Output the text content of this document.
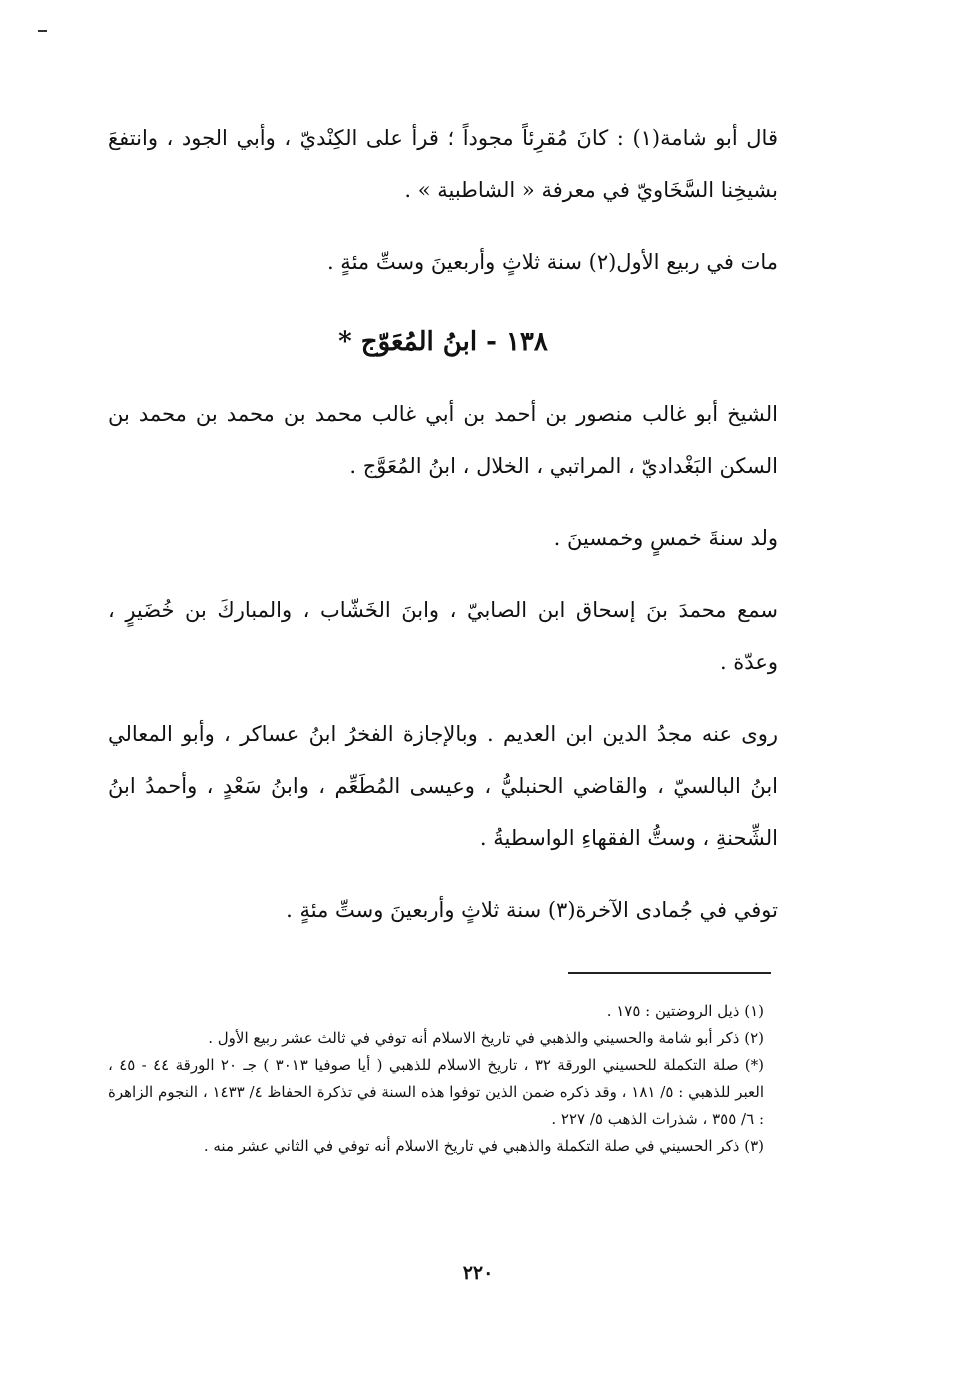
قال أبو شامة(١) : كانَ مُقرِئاً مجوداً ؛ قرأ على الكِنْديّ ، وأبي الجود ، وانتفعَ بشيخِنا السَّخَاويّ في معرفة « الشاطبية » .

مات في ربيع الأول(٢) سنة ثلاثٍ وأربعينَ وستِّ مئةٍ .

١٣٨ - ابنُ المُعَوّج *

الشيخ أبو غالب منصور بن أحمد بن أبي غالب محمد بن محمد بن محمد بن السكن البَغْداديّ ، المراتبي ، الخلال ، ابنُ المُعَوَّج .

ولد سنةَ خمسٍ وخمسينَ .

سمع محمدَ بنَ إسحاق ابن الصابيّ ، وابنَ الخَشّاب ، والمباركَ بن خُضَيرٍ ، وعدّة .

روى عنه مجدُ الدين ابن العديم . وبالإجازة الفخرُ ابنُ عساكر ، وأبو المعالي ابنُ البالسيّ ، والقاضي الحنبليُّ ، وعيسى المُطَعِّم ، وابنُ سَعْدٍ ، وأحمدُ ابنُ الشِّحنةِ ، وستُّ الفقهاءِ الواسطيةُ .

توفي في جُمادى الآخرة(٣) سنة ثلاثٍ وأربعينَ وستِّ مئةٍ .

(١) ذيل الروضتين : ١٧٥ .

(٢) ذكر أبو شامة والحسيني والذهبي في تاريخ الاسلام أنه توفي في ثالث عشر ربيع الأول .

(*) صلة التكملة للحسيني الورقة ٣٢ ، تاريخ الاسلام للذهبي ( أيا صوفيا ٣٠١٣ ) جـ ٢٠ الورقة ٤٤ - ٤٥ ، العبر للذهبي : ٥/ ١٨١ ، وقد ذكره ضمن الذين توفوا هذه السنة في تذكرة الحفاظ ٤/ ١٤٣٣ ، النجوم الزاهرة : ٦/ ٣٥٥ ، شذرات الذهب ٥/ ٢٢٧ .

(٣) ذكر الحسيني في صلة التكملة والذهبي في تاريخ الاسلام أنه توفي في الثاني عشر منه .

٢٢٠
